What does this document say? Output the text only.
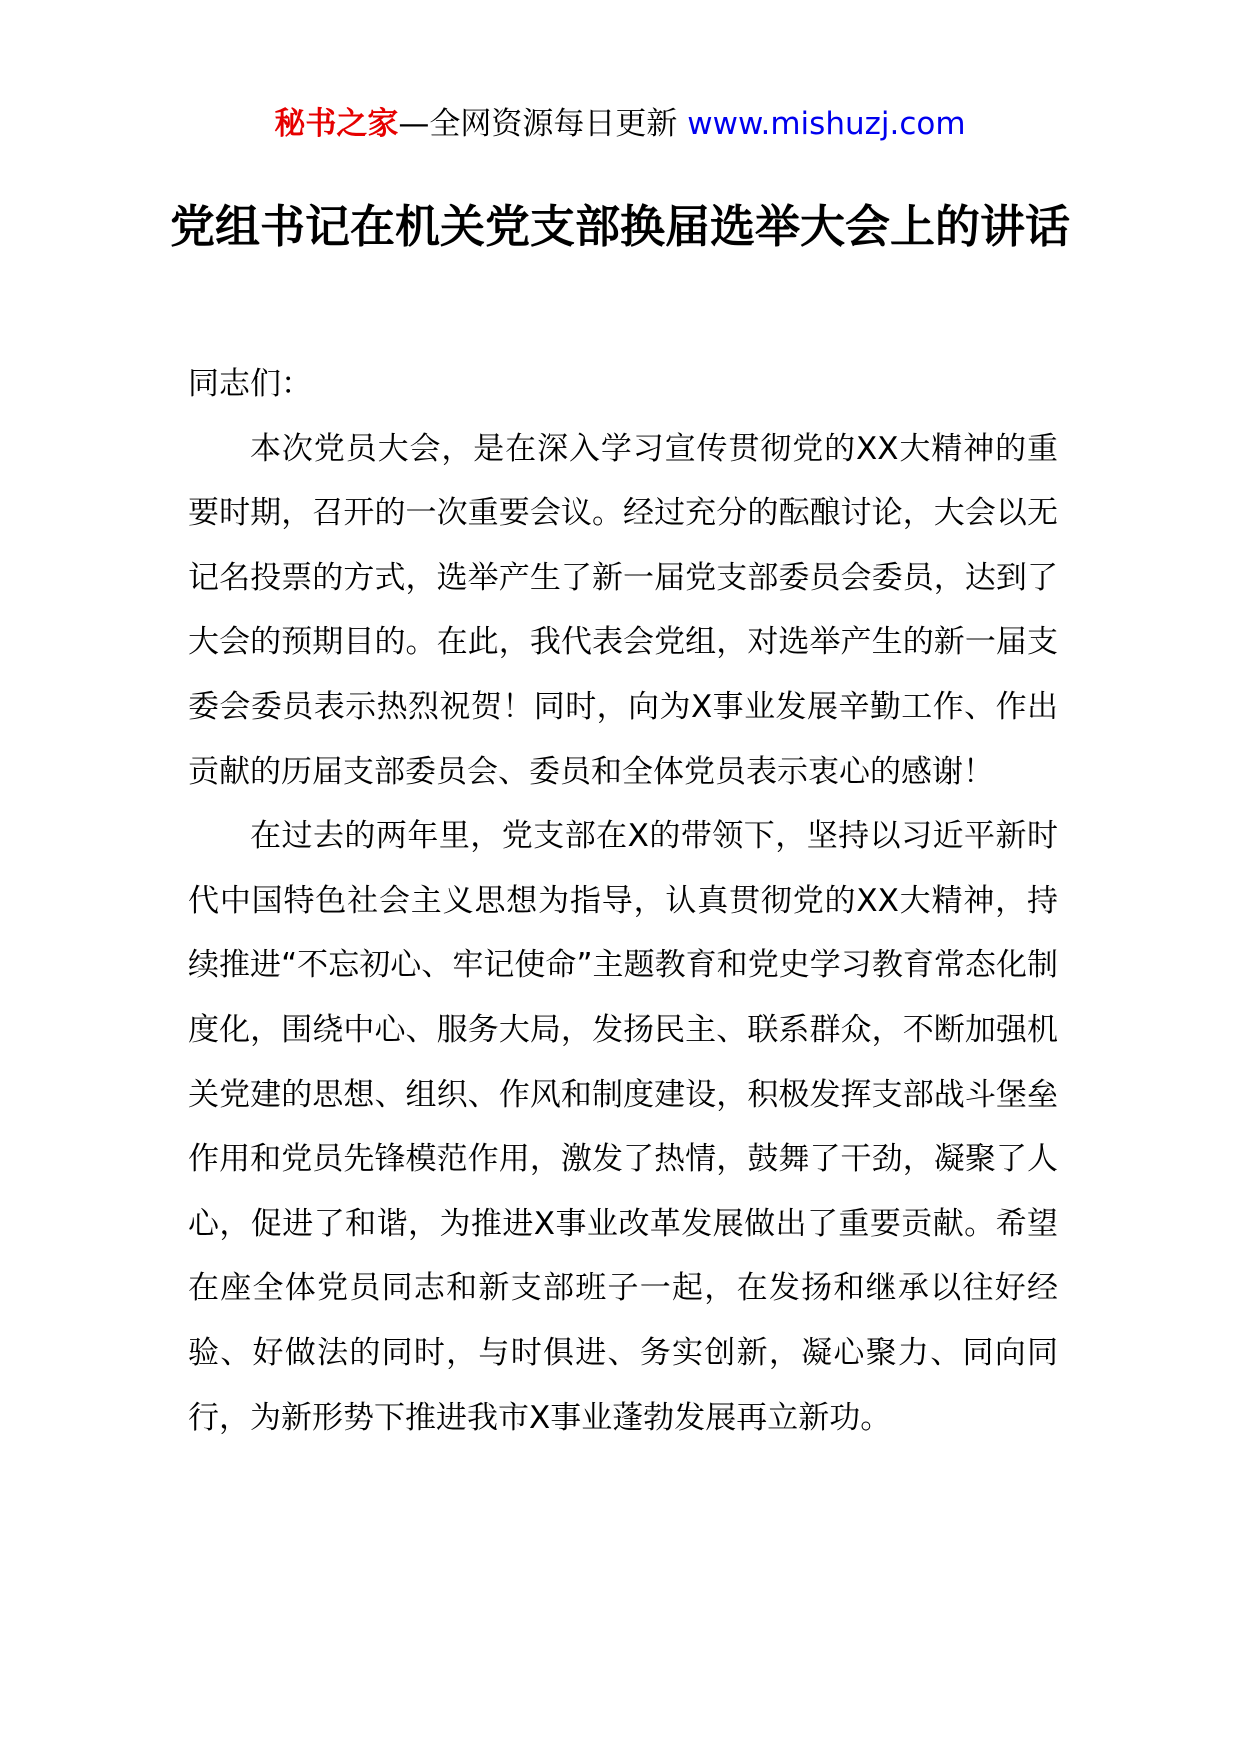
秘书之家—全网资源每日更新 www.mishuzj.com
党组书记在机关党支部换届选举大会上的讲话

同志们：

本次党员大会，是在深入学习宣传贯彻党的XX大精神的重要时期，召开的一次重要会议。经过充分的酝酿讨论，大会以无记名投票的方式，选举产生了新一届党支部委员会委员，达到了大会的预期目的。在此，我代表会党组，对选举产生的新一届支委会委员表示热烈祝贺！同时，向为X事业发展辛勤工作、作出贡献的历届支部委员会、委员和全体党员表示衷心的感谢！

在过去的两年里，党支部在X的带领下，坚持以习近平新时代中国特色社会主义思想为指导，认真贯彻党的XX大精神，持续推进“不忘初心、牢记使命”主题教育和党史学习教育常态化制度化，围绕中心、服务大局，发扬民主、联系群众，不断加强机关党建的思想、组织、作风和制度建设，积极发挥支部战斗堡垒作用和党员先锋模范作用，激发了热情，鼓舞了干劲，凝聚了人心，促进了和谐，为推进X事业改革发展做出了重要贡献。希望在座全体党员同志和新支部班子一起，在发扬和继承以往好经验、好做法的同时，与时俱进、务实创新，凝心聚力、同向同行，为新形势下推进我市X事业蓬勃发展再立新功。
